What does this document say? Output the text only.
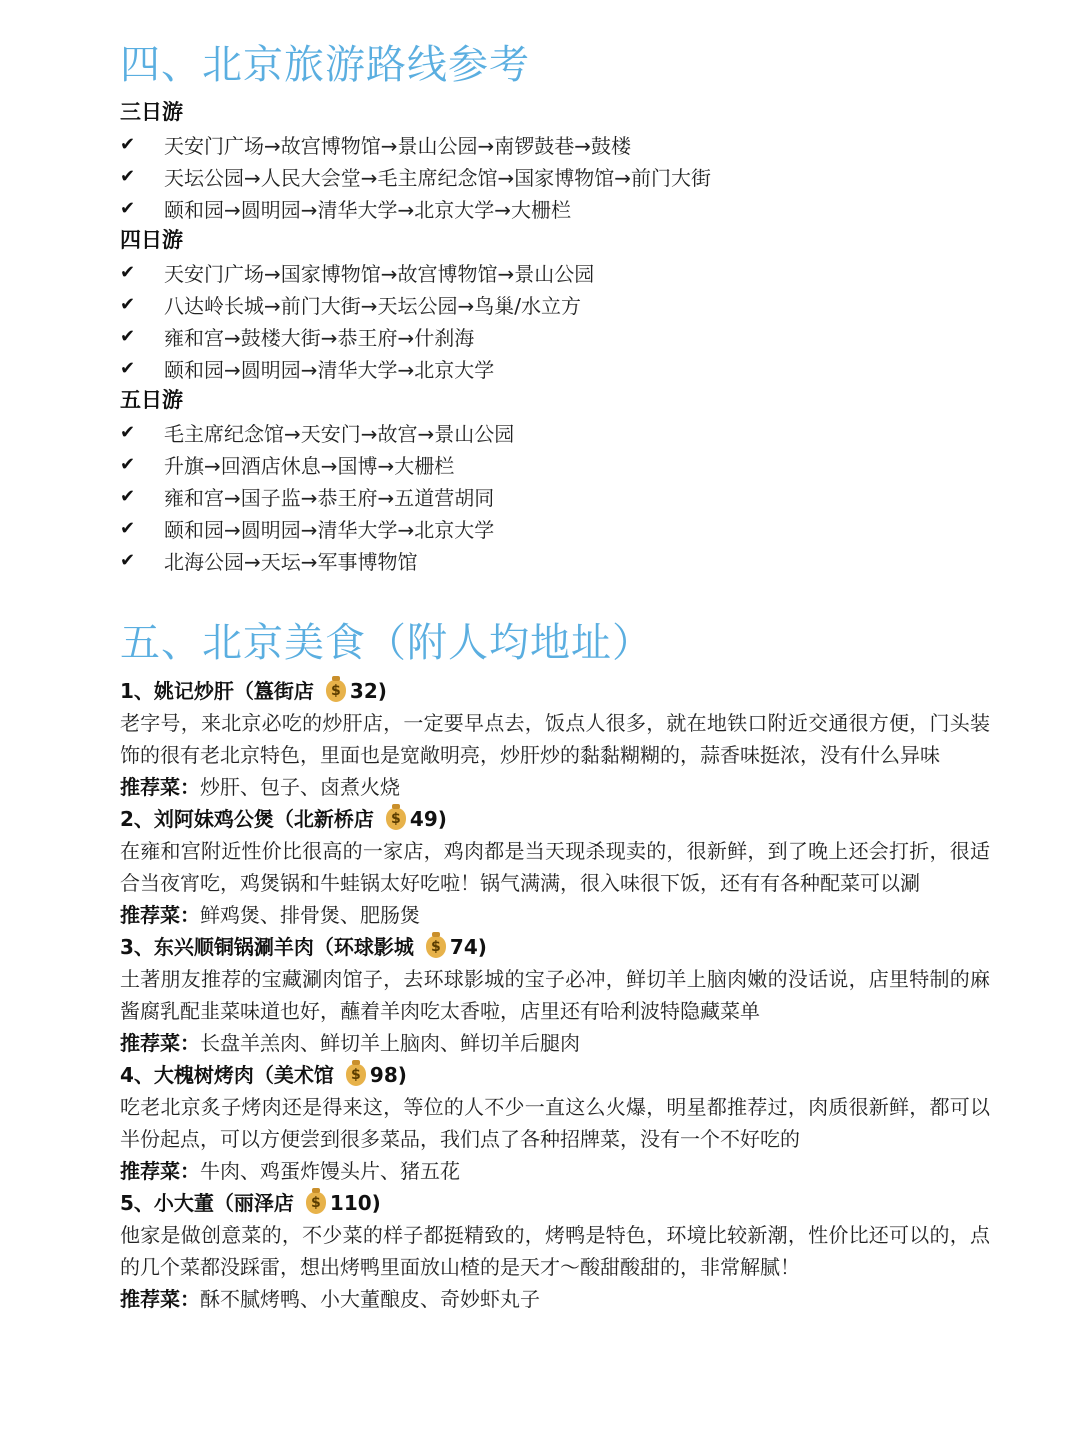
四、北京旅游路线参考
三日游
✔	天安门广场→故宫博物馆→景山公园→南锣鼓巷→鼓楼
✔	天坛公园→人民大会堂→毛主席纪念馆→国家博物馆→前门大街
✔	颐和园→圆明园→清华大学→北京大学→大栅栏
四日游
✔	天安门广场→国家博物馆→故宫博物馆→景山公园
✔	八达岭长城→前门大街→天坛公园→鸟巢/水立方
✔	雍和宫→鼓楼大街→恭王府→什刹海
✔	颐和园→圆明园→清华大学→北京大学
五日游
✔	毛主席纪念馆→天安门→故宫→景山公园
✔	升旗→回酒店休息→国博→大栅栏
✔	雍和宫→国子监→恭王府→五道营胡同
✔	颐和园→圆明园→清华大学→北京大学
✔	北海公园→天坛→军事博物馆
五、北京美食（附人均地址）
1、姚记炒肝（簋街店	$ 32)
老字号，来北京必吃的炒肝店，一定要早点去，饭点人很多，就在地铁口附近交通很方便，门头装饰的很有老北京特色，里面也是宽敞明亮，炒肝炒的黏黏糊糊的，蒜香味挺浓，没有什么异味
推荐菜：炒肝、包子、卤煮火烧
2、刘阿妹鸡公煲（北新桥店	$ 49)
在雍和宫附近性价比很高的一家店，鸡肉都是当天现杀现卖的，很新鲜，到了晚上还会打折，很适合当夜宵吃，鸡煲锅和牛蛙锅太好吃啦！锅气满满，很入味很下饭，还有有各种配菜可以涮
推荐菜：鲜鸡煲、排骨煲、肥肠煲
3、东兴顺铜锅涮羊肉（环球影城	$ 74)
土著朋友推荐的宝藏涮肉馆子，去环球影城的宝子必冲，鲜切羊上脑肉嫩的没话说，店里特制的麻酱腐乳配韭菜味道也好，蘸着羊肉吃太香啦，店里还有哈利波特隐藏菜单
推荐菜：长盘羊羔肉、鲜切羊上脑肉、鲜切羊后腿肉
4、大槐树烤肉（美术馆	$ 98)
吃老北京炙子烤肉还是得来这，等位的人不少一直这么火爆，明星都推荐过，肉质很新鲜，都可以半份起点，可以方便尝到很多菜品，我们点了各种招牌菜，没有一个不好吃的
推荐菜：牛肉、鸡蛋炸馒头片、猪五花
5、小大董（丽泽店	$ 110)
他家是做创意菜的，不少菜的样子都挺精致的，烤鸭是特色，环境比较新潮，性价比还可以的，点的几个菜都没踩雷，想出烤鸭里面放山楂的是天才～酸甜酸甜的，非常解腻！
推荐菜：酥不腻烤鸭、小大董酿皮、奇妙虾丸子
